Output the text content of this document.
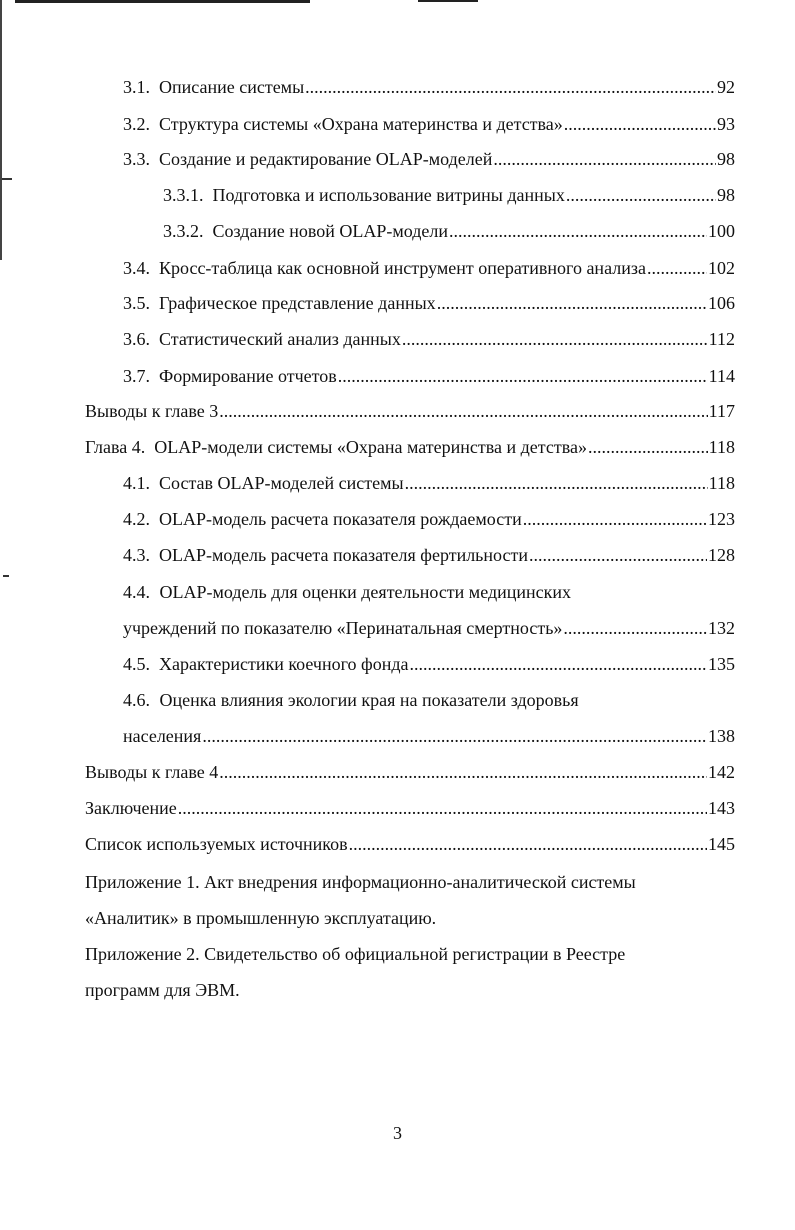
3.1. Описание системы .....	92
3.2. Структура системы «Охрана материнства и детства» .....	93
3.3. Создание и редактирование OLAP-моделей .....	98
3.3.1. Подготовка и использование витрины данных .....	98
3.3.2. Создание новой OLAP-модели .....	100
3.4. Кросс-таблица как основной инструмент оперативного анализа .....	102
3.5. Графическое представление данных .....	106
3.6. Статистический анализ данных .....	112
3.7. Формирование отчетов .....	114
Выводы к главе 3 .....	117
Глава 4. OLAP-модели системы «Охрана материнства и детства» .....	118
4.1. Состав OLAP-моделей системы .....	118
4.2. OLAP-модель расчета показателя рождаемости .....	123
4.3. OLAP-модель расчета показателя фертильности .....	128
4.4. OLAP-модель для оценки деятельности медицинских
учреждений по показателю «Перинатальная смертность» .....	132
4.5. Характеристики коечного фонда .....	135
4.6. Оценка влияния экологии края на показатели здоровья
населения .....	138
Выводы к главе 4 .....	142
Заключение .....	143
Список используемых источников .....	145
Приложение 1. Акт внедрения информационно-аналитической системы
«Аналитик» в промышленную эксплуатацию.
Приложение 2. Свидетельство об официальной регистрации в Реестре
программ для ЭВМ.
3
